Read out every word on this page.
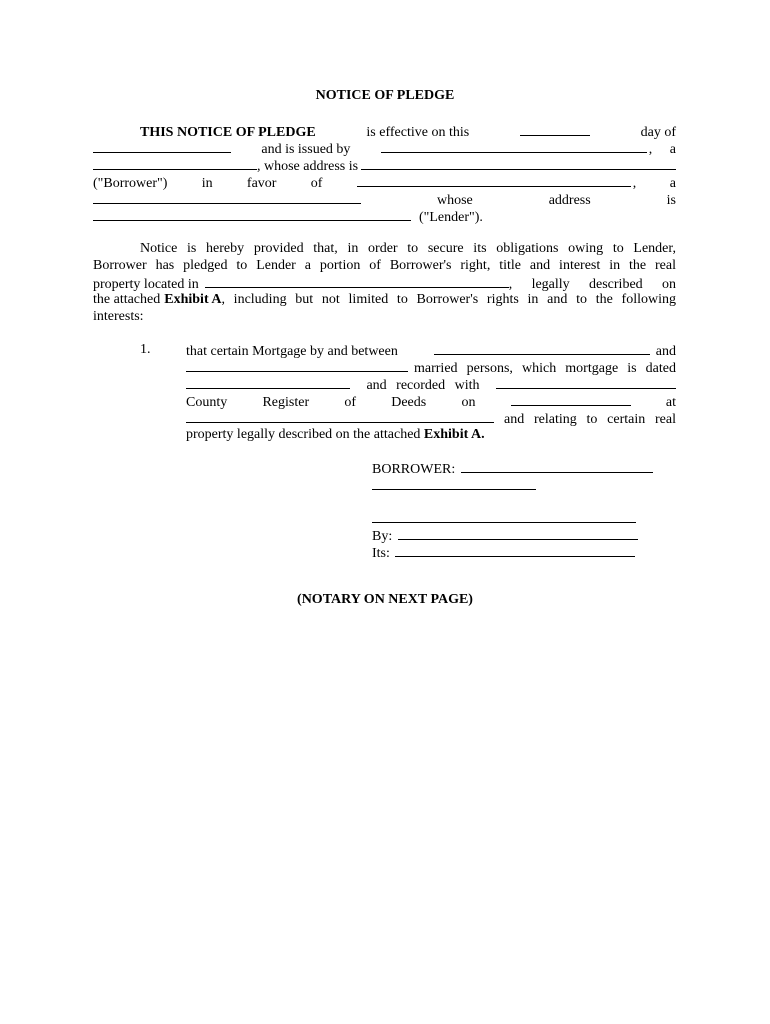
NOTICE OF PLEDGE
THIS NOTICE OF PLEDGE	is effective on this	day of
and is issued by	, a
, whose address is
("Borrower") in favor of	, a
whose	address	is
("Lender").
Notice is hereby provided that, in order to secure its obligations owing to Lender,
Borrower has pledged to Lender a portion of Borrower's right, title and interest in the real
property located in	, legally described on
the attached Exhibit A , including but not limited to Borrower's rights in and to the following
interests:
1.	that certain Mortgage by and between	and
married persons, which mortgage is dated
and recorded with
County	Register	of	Deeds	on	at
and relating to certain real
property legally described on the attached Exhibit A.
BORROWER:
By:
Its:
(NOTARY ON NEXT PAGE)
